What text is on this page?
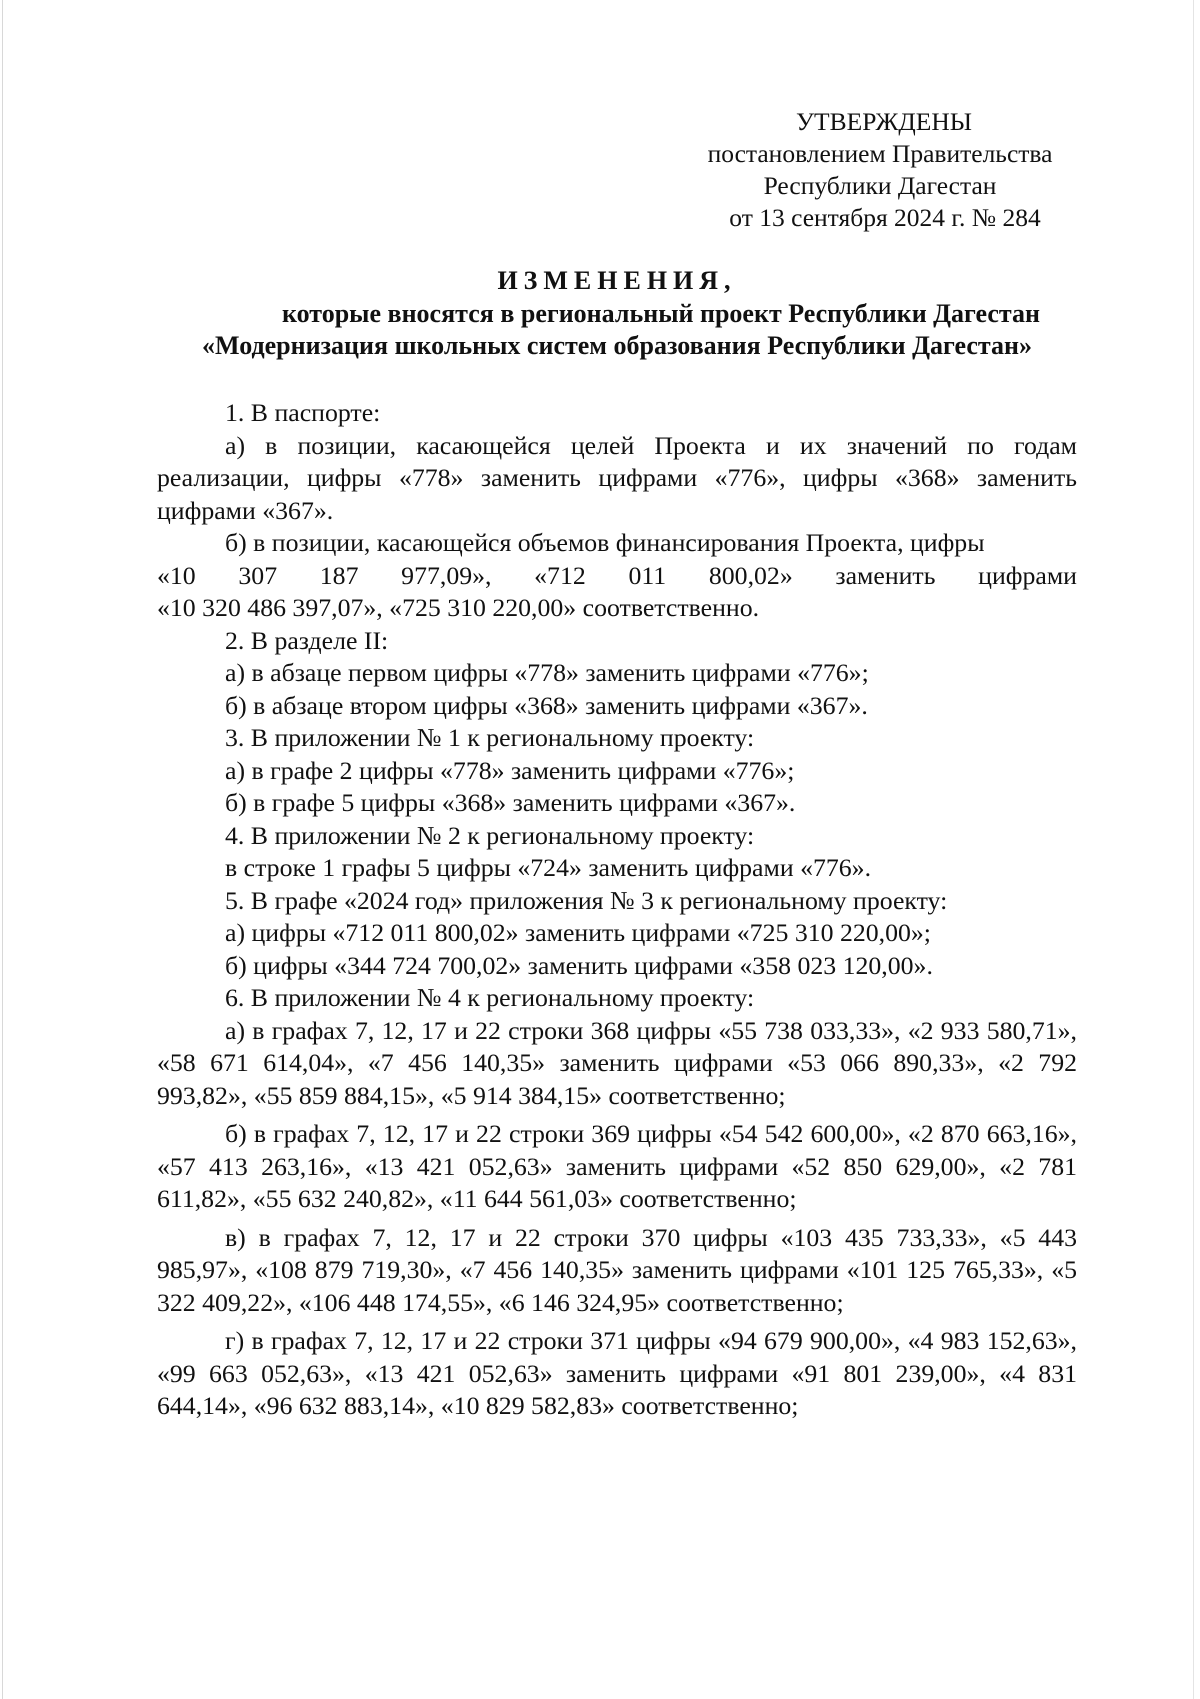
УТВЕРЖДЕНЫ
постановлением Правительства
Республики Дагестан
от 13 сентября 2024 г. № 284
ИЗМЕНЕНИЯ,
которые вносятся в региональный проект Республики Дагестан
«Модернизация школьных систем образования Республики Дагестан»

1. В паспорте:

а) в позиции, касающейся целей Проекта и их значений по годам реализации, цифры «778» заменить цифрами «776», цифры «368» заменить цифрами «367».

б) в позиции, касающейся объемов финансирования Проекта, цифры

«10 307 187 977,09», «712 011 800,02» заменить цифрами

«10 320 486 397,07», «725 310 220,00» соответственно.

2. В разделе II:

а) в абзаце первом цифры «778» заменить цифрами «776»;

б) в абзаце втором цифры «368» заменить цифрами «367».

3. В приложении № 1 к региональному проекту:

а) в графе 2 цифры «778» заменить цифрами «776»;

б) в графе 5 цифры «368» заменить цифрами «367».

4. В приложении № 2 к региональному проекту:

в строке 1 графы 5 цифры «724» заменить цифрами «776».

5. В графе «2024 год» приложения № 3 к региональному проекту:

а) цифры «712 011 800,02» заменить цифрами «725 310 220,00»;

б) цифры «344 724 700,02» заменить цифрами «358 023 120,00».

6. В приложении № 4 к региональному проекту:

а) в графах 7, 12, 17 и 22 строки 368 цифры «55 738 033,33», «2 933 580,71», «58 671 614,04», «7 456 140,35» заменить цифрами «53 066 890,33», «2 792 993,82», «55 859 884,15», «5 914 384,15» соответственно;

б) в графах 7, 12, 17 и 22 строки 369 цифры «54 542 600,00», «2 870 663,16», «57 413 263,16», «13 421 052,63» заменить цифрами «52 850 629,00», «2 781 611,82», «55 632 240,82», «11 644 561,03» соответственно;

в) в графах 7, 12, 17 и 22 строки 370 цифры «103 435 733,33», «5 443 985,97», «108 879 719,30», «7 456 140,35» заменить цифрами «101 125 765,33», «5 322 409,22», «106 448 174,55», «6 146 324,95» соответственно;

г) в графах 7, 12, 17 и 22 строки 371 цифры «94 679 900,00», «4 983 152,63», «99 663 052,63», «13 421 052,63» заменить цифрами «91 801 239,00», «4 831 644,14», «96 632 883,14», «10 829 582,83» соответственно;
